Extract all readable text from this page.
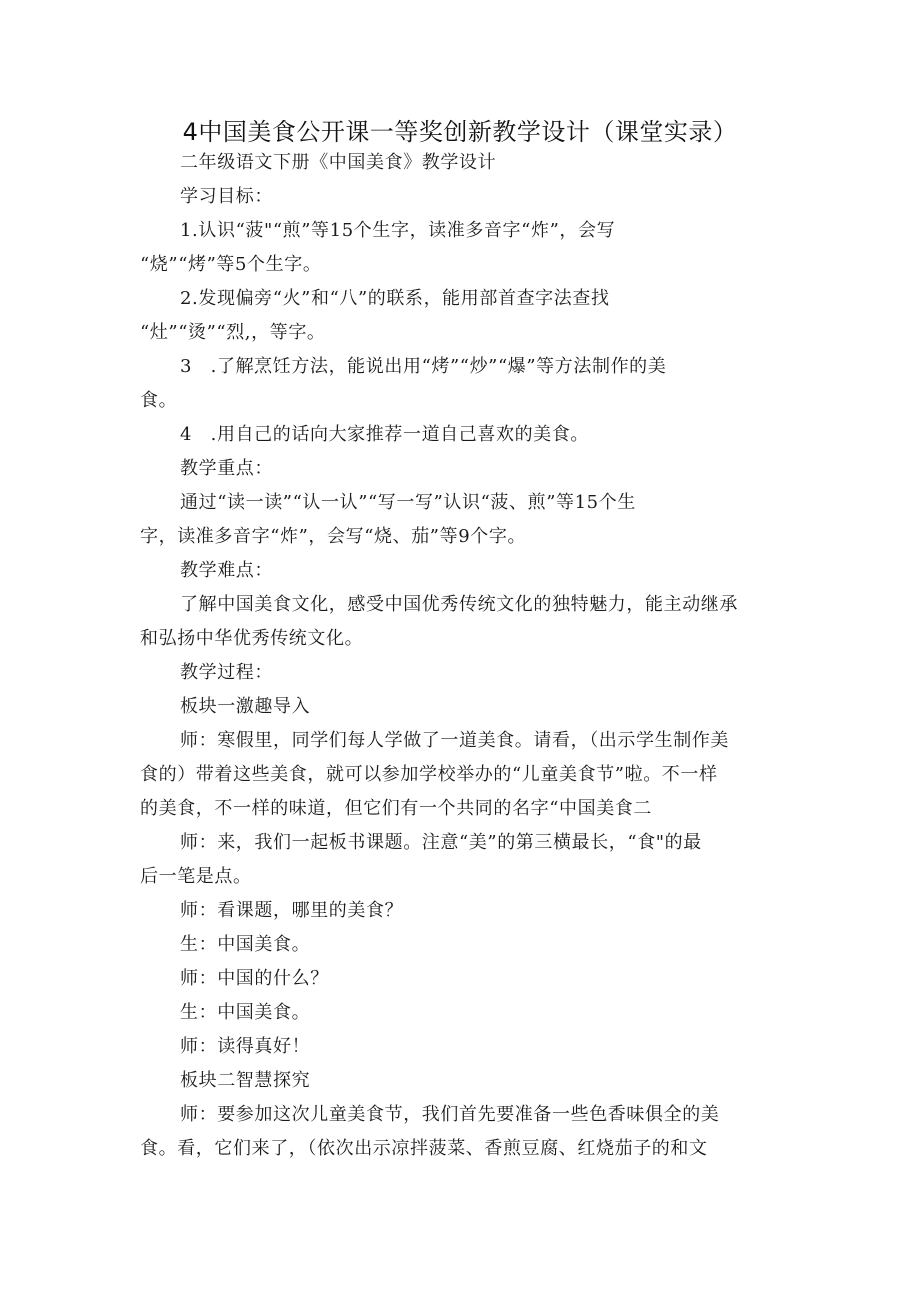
4中国美食公开课一等奖创新教学设计（课堂实录）
二年级语文下册《中国美食》教学设计
学习目标：
1.认识“菠"“煎”等15个生字，读准多音字“炸”，会写
“烧”“烤”等5个生字。
2.发现偏旁“火”和“八”的联系，能用部首查字法查找
“灶”“烫”“烈,，等字。
3　.了解烹饪方法，能说出用“烤”“炒”“爆”等方法制作的美
食。
4　.用自己的话向大家推荐一道自己喜欢的美食。
教学重点：
通过“读一读”“认一认”“写一写”认识“菠、煎”等15个生
字，读准多音字“炸”，会写“烧、茄”等9个字。
教学难点：
了解中国美食文化，感受中国优秀传统文化的独特魅力，能主动继承
和弘扬中华优秀传统文化。
教学过程：
板块一激趣导入
师：寒假里，同学们每人学做了一道美食。请看，（出示学生制作美
食的）带着这些美食，就可以参加学校举办的“儿童美食节”啦。不一样
的美食，不一样的味道，但它们有一个共同的名字“中国美食二
师：来，我们一起板书课题。注意“美”的第三横最长，“食"的最
后一笔是点。
师：看课题，哪里的美食？
生：中国美食。
师：中国的什么？
生：中国美食。
师：读得真好！
板块二智慧探究
师：要参加这次儿童美食节，我们首先要准备一些色香味俱全的美
食。看，它们来了，（依次出示凉拌菠菜、香煎豆腐、红烧茄子的和文
